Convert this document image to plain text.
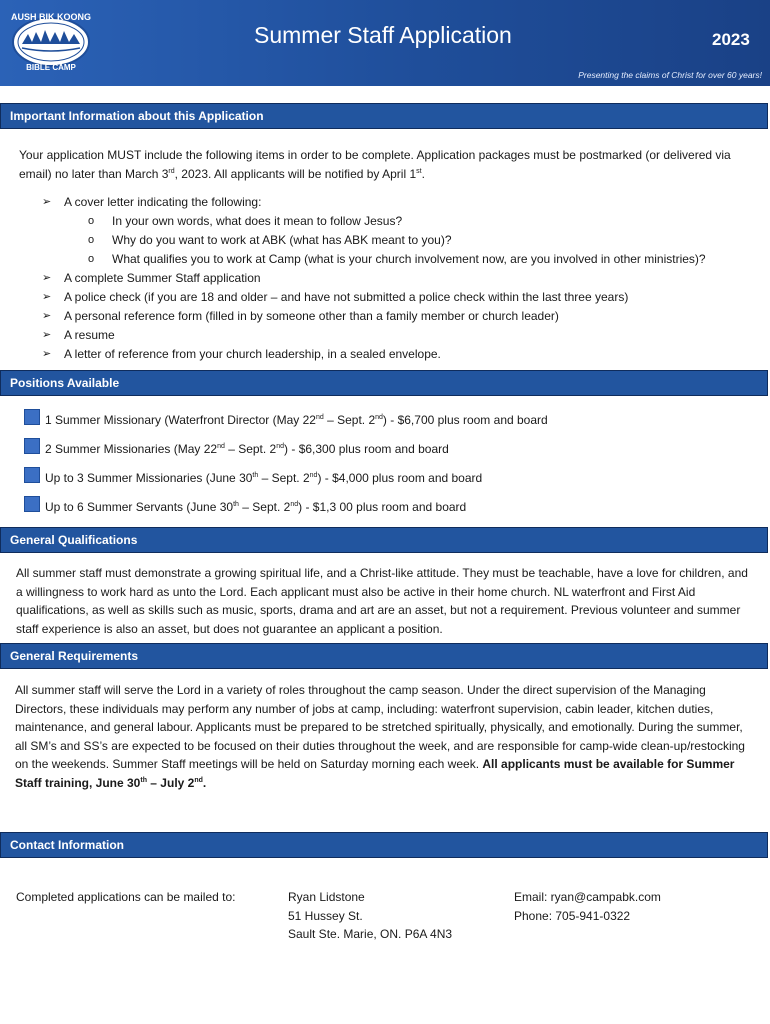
AUSH BIK KOONG
BIBLE CAMP
Summer Staff Application	2023
Presenting the claims of Christ for over 60 years!
Important Information about this Application
Your application MUST include the following items in order to be complete. Application packages must be postmarked (or delivered via email) no later than March 3rd, 2023. All applicants will be notified by April 1st.
➢ A cover letter indicating the following:
o In your own words, what does it mean to follow Jesus?
o Why do you want to work at ABK (what has ABK meant to you)?
o What qualifies you to work at Camp (what is your church involvement now, are you involved in other ministries)?
➢ A complete Summer Staff application
➢ A police check (if you are 18 and older – and have not submitted a police check within the last three years)
➢ A personal reference form (filled in by someone other than a family member or church leader)
➢ A resume
➢ A letter of reference from your church leadership, in a sealed envelope.
Positions Available
1 Summer Missionary (Waterfront Director (May 22nd – Sept. 2nd) - $6,700 plus room and board
2 Summer Missionaries (May 22nd – Sept. 2nd) - $6,300 plus room and board
Up to 3 Summer Missionaries (June 30th – Sept. 2nd) - $4,000 plus room and board
Up to 6 Summer Servants (June 30th – Sept. 2nd) - $1,3 00 plus room and board
General Qualifications
All summer staff must demonstrate a growing spiritual life, and a Christ-like attitude. They must be teachable, have a love for children, and a willingness to work hard as unto the Lord. Each applicant must also be active in their home church. NL waterfront and First Aid qualifications, as well as skills such as music, sports, drama and art are an asset, but not a requirement. Previous volunteer and summer staff experience is also an asset, but does not guarantee an applicant a position.
General Requirements
All summer staff will serve the Lord in a variety of roles throughout the camp season. Under the direct supervision of the Managing Directors, these individuals may perform any number of jobs at camp, including: waterfront supervision, cabin leader, kitchen duties, maintenance, and general labour. Applicants must be prepared to be stretched spiritually, physically, and emotionally. During the summer, all SM’s and SS’s are expected to be focused on their duties throughout the week, and are responsible for camp-wide clean-up/restocking on the weekends. Summer Staff meetings will be held on Saturday morning each week. All applicants must be available for Summer Staff training, June 30th – July 2nd.
Contact Information
Completed applications can be mailed to:	Ryan Lidstone
51 Hussey St.
Sault Ste. Marie, ON. P6A 4N3
Email: ryan@campabk.com
Phone: 705-941-0322
